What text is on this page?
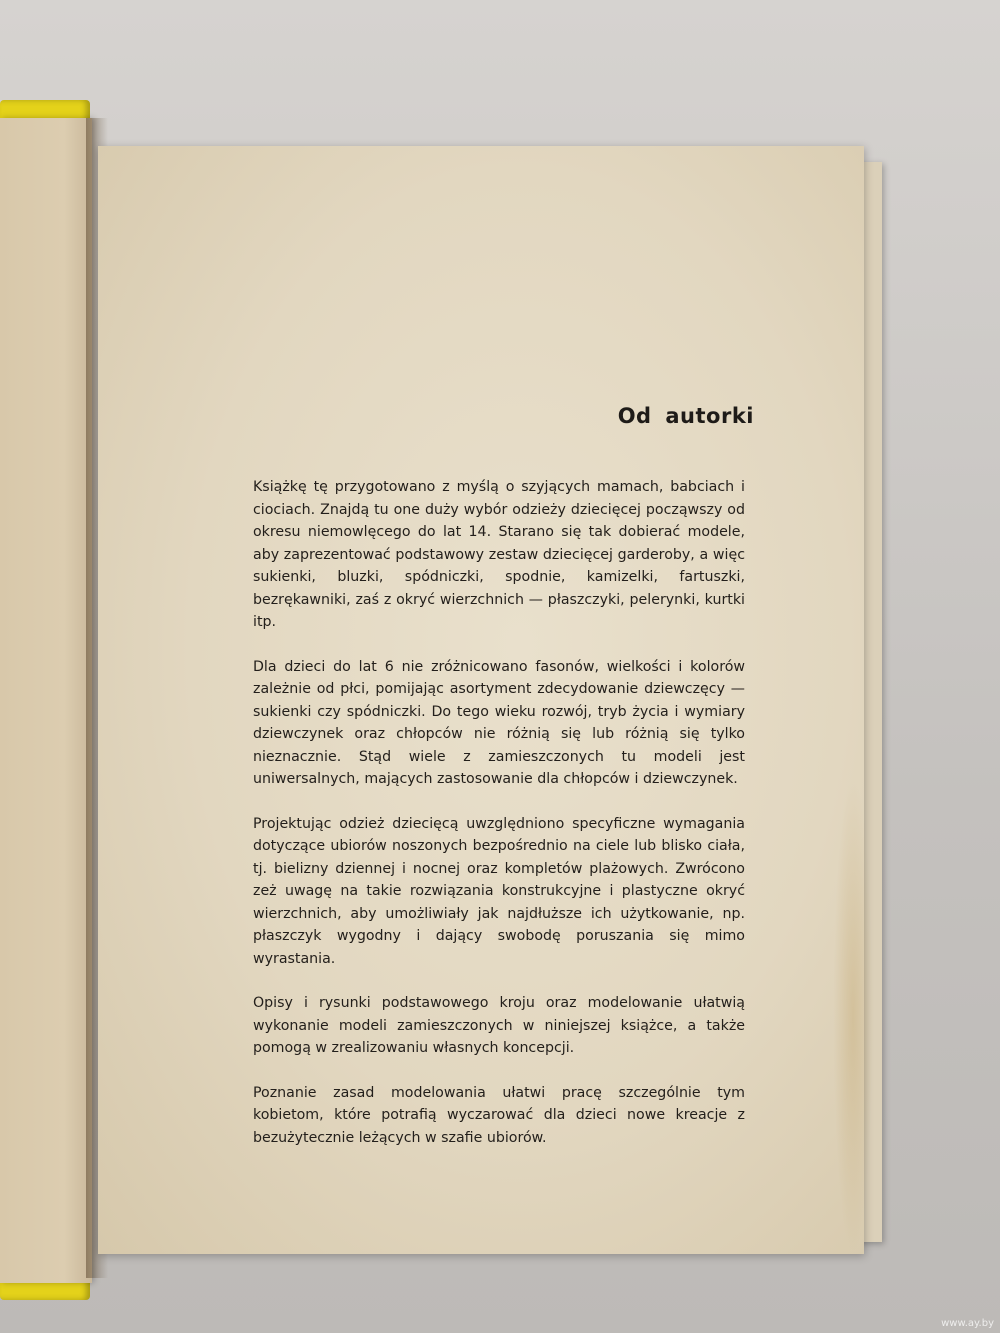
Od autorki

Książkę tę przygotowano z myślą o szyjących mamach, babciach i ciociach. Znajdą tu one duży wybór odzieży dziecięcej począwszy od okresu niemowlęcego do lat 14. Starano się tak dobierać modele, aby zaprezentować podstawowy zestaw dziecięcej garderoby, a więc sukienki, bluzki, spódniczki, spodnie, kamizelki, fartuszki, bezrękawniki, zaś z okryć wierzchnich — płaszczyki, pelerynki, kurtki itp.

Dla dzieci do lat 6 nie zróżnicowano fasonów, wielkości i kolorów zależnie od płci, pomijając asortyment zdecydowanie dziewczęcy — sukienki czy spódniczki. Do tego wieku rozwój, tryb życia i wymiary dziewczynek oraz chłopców nie różnią się lub różnią się tylko nieznacznie. Stąd wiele z zamieszczonych tu modeli jest uniwersalnych, mających zastosowanie dla chłopców i dziewczynek.

Projektując odzież dziecięcą uwzględniono specyficzne wymagania dotyczące ubiorów noszonych bezpośrednio na ciele lub blisko ciała, tj. bielizny dziennej i nocnej oraz kompletów plażowych. Zwrócono zeż uwagę na takie rozwiązania konstrukcyjne i plastyczne okryć wierzchnich, aby umożliwiały jak najdłuższe ich użytkowanie, np. płaszczyk wygodny i dający swobodę poruszania się mimo wyrastania.

Opisy i rysunki podstawowego kroju oraz modelowanie ułatwią wykonanie modeli zamieszczonych w niniejszej książce, a także pomogą w zrealizowaniu własnych koncepcji.

Poznanie zasad modelowania ułatwi pracę szczególnie tym kobietom, które potrafią wyczarować dla dzieci nowe kreacje z bezużytecznie leżących w szafie ubiorów.

www.ay.by
